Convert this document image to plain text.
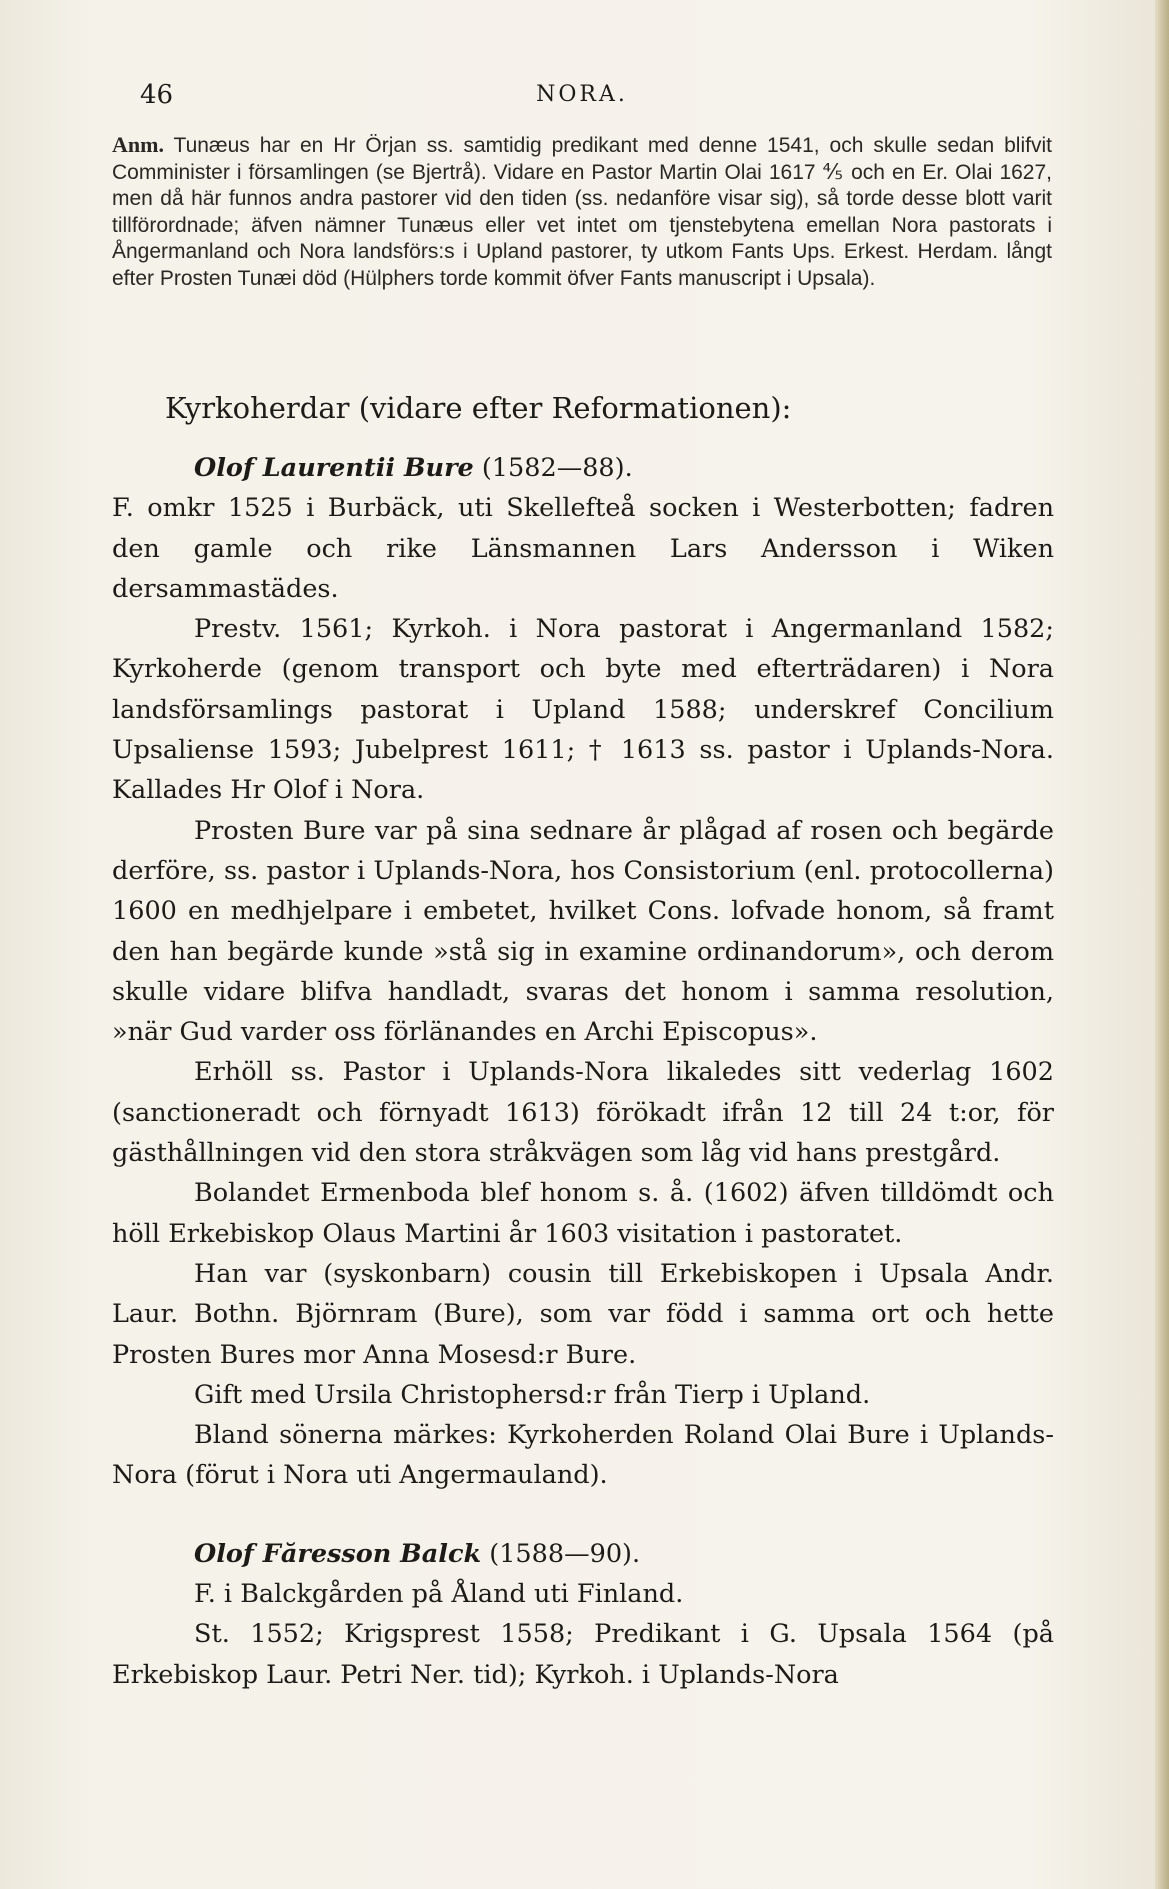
46	NORA.
Anm. Tunæus har en Hr Örjan ss. samtidig predikant med denne 1541, och skulle sedan blifvit Comminister i församlingen (se Bjertrå). Vidare en Pastor Martin Olai 1617 ⅘ och en Er. Olai 1627, men då här funnos andra pastorer vid den tiden (ss. nedanföre visar sig), så torde desse blott varit tillförordnade; äfven nämner Tunæus eller vet intet om tjenstebytena emellan Nora pastorats i Ångermanland och Nora landsförs:s i Upland pastorer, ty utkom Fants Ups. Erkest. Herdam. långt efter Prosten Tunæi död (Hülphers torde kommit öfver Fants manuscript i Upsala).
Kyrkoherdar (vidare efter Reformationen):

Olof Laurentii Bure (1582—88).

F. omkr 1525 i Burbäck, uti Skellefteå socken i Westerbotten; fadren den gamle och rike Länsmannen Lars Andersson i Wiken dersammastädes.

Prestv. 1561; Kyrkoh. i Nora pastorat i Angermanland 1582; Kyrkoherde (genom transport och byte med efterträdaren) i Nora landsförsamlings pastorat i Upland 1588; underskref Concilium Upsaliense 1593; Jubelprest 1611; † 1613 ss. pastor i Uplands-Nora. Kallades Hr Olof i Nora.

Prosten Bure var på sina sednare år plågad af rosen och begärde derföre, ss. pastor i Uplands-Nora, hos Consistorium (enl. protocollerna) 1600 en medhjelpare i embetet, hvilket Cons. lofvade honom, så framt den han begärde kunde »stå sig in examine ordinandorum», och derom skulle vidare blifva handladt, svaras det honom i samma resolution, »när Gud varder oss förlänandes en Archi Episcopus».

Erhöll ss. Pastor i Uplands-Nora likaledes sitt vederlag 1602 (sanctioneradt och förnyadt 1613) förökadt ifrån 12 till 24 t:or, för gästhållningen vid den stora stråkvägen som låg vid hans prestgård.

Bolandet Ermenboda blef honom s. å. (1602) äfven tilldömdt och höll Erkebiskop Olaus Martini år 1603 visitation i pastoratet.

Han var (syskonbarn) cousin till Erkebiskopen i Upsala Andr. Laur. Bothn. Björnram (Bure), som var född i samma ort och hette Prosten Bures mor Anna Mosesd:r Bure.

Gift med Ursila Christophersd:r från Tierp i Upland.

Bland sönerna märkes: Kyrkoherden Roland Olai Bure i Uplands-Nora (förut i Nora uti Angermauland).

Olof Făresson Balck (1588—90).

F. i Balckgården på Åland uti Finland.

St. 1552; Krigsprest 1558; Predikant i G. Upsala 1564 (på Erkebiskop Laur. Petri Ner. tid); Kyrkoh. i Uplands-Nora
